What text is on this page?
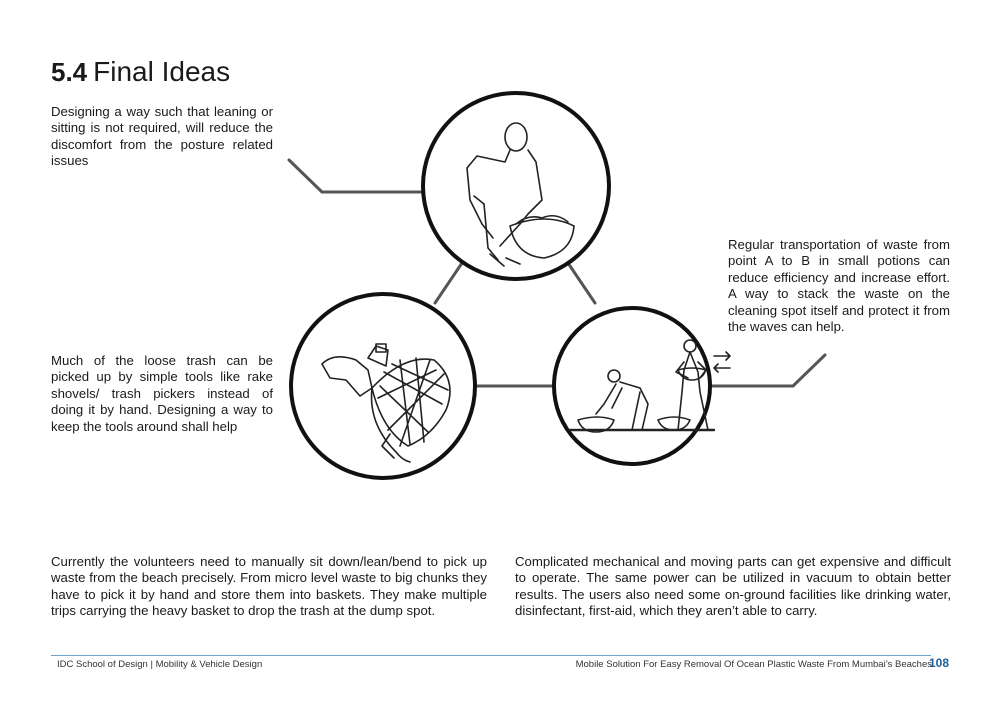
5.4 Final Ideas
Designing a way such that leaning or sitting is not required, will reduce the discomfort from the posture related issues
Regular transportation of waste from point A to B in small potions can reduce efficiency and increase effort. A way to stack the waste on the cleaning spot itself and protect it from the waves can help.
Much of the loose trash can be picked up by simple tools like rake shovels/ trash pickers instead of doing it by hand. Designing a way to keep the tools around shall help
Currently the volunteers need to manually sit down/lean/bend to pick up waste from the beach precisely. From micro level waste to big chunks they have to pick it by hand and store them into baskets. They make multiple trips carrying the heavy basket to drop the trash at the dump spot.
Complicated mechanical and moving parts can get expensive and difficult to operate. The same power can be utilized in vacuum to obtain better results. The users also need some on-ground facilities like drinking water, disinfectant, first-aid, which they aren’t able to carry.
IDC School of Design | Mobility & Vehicle Design	Mobile Solution For Easy Removal Of Ocean Plastic Waste From Mumbai’s Beaches
108
